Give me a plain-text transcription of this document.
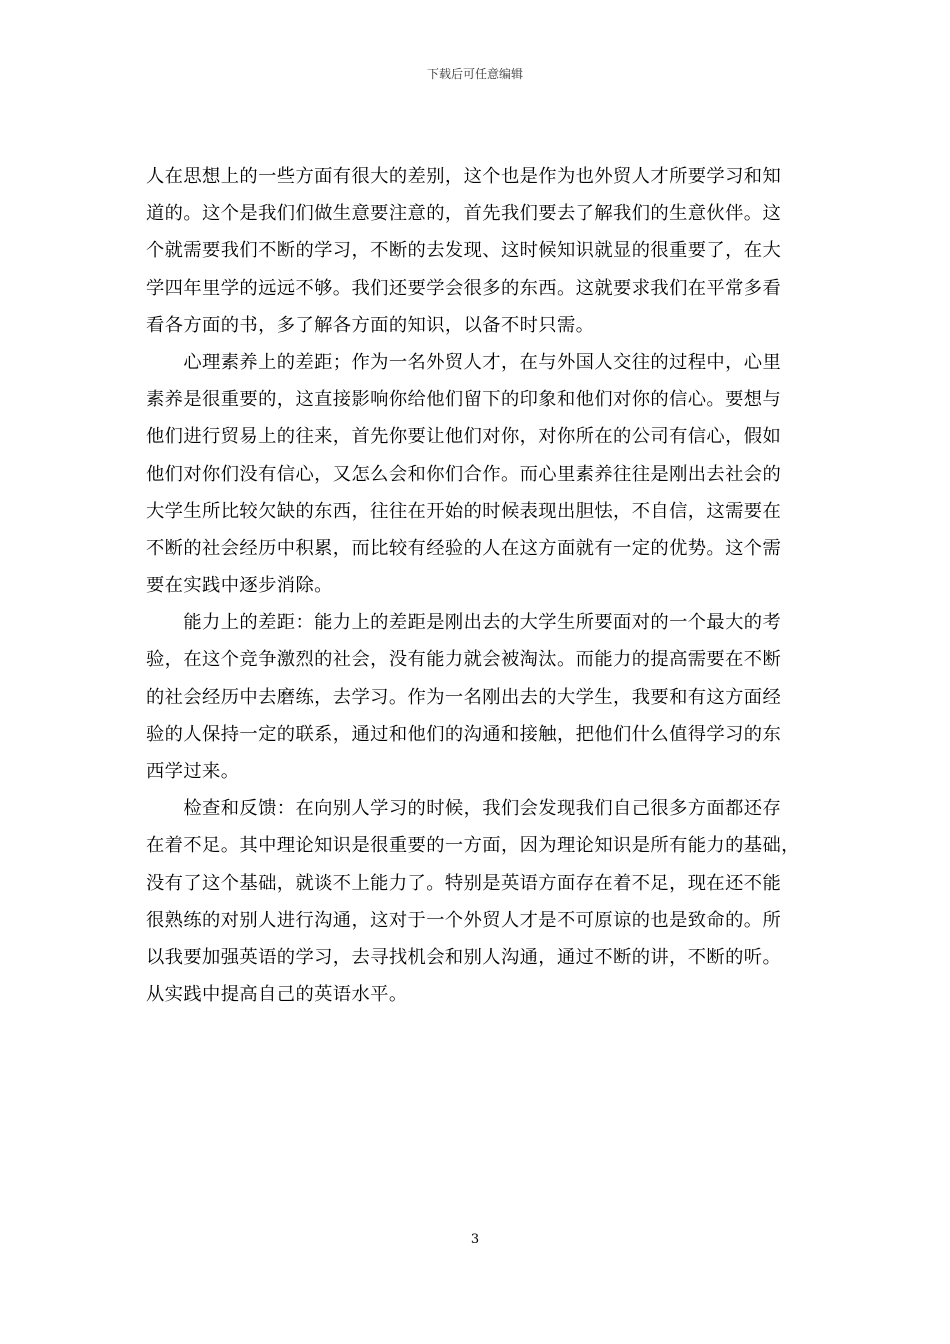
下载后可任意编辑
人在思想上的一些方面有很大的差别，这个也是作为也外贸人才所要学习和知
道的。这个是我们们做生意要注意的，首先我们要去了解我们的生意伙伴。这
个就需要我们不断的学习，不断的去发现、这时候知识就显的很重要了，在大
学四年里学的远远不够。我们还要学会很多的东西。这就要求我们在平常多看
看各方面的书，多了解各方面的知识，以备不时只需。
　　心理素养上的差距；作为一名外贸人才，在与外国人交往的过程中，心里
素养是很重要的，这直接影响你给他们留下的印象和他们对你的信心。要想与
他们进行贸易上的往来，首先你要让他们对你，对你所在的公司有信心，假如
他们对你们没有信心，又怎么会和你们合作。而心里素养往往是刚出去社会的
大学生所比较欠缺的东西，往往在开始的时候表现出胆怯，不自信，这需要在
不断的社会经历中积累，而比较有经验的人在这方面就有一定的优势。这个需
要在实践中逐步消除。
　　能力上的差距：能力上的差距是刚出去的大学生所要面对的一个最大的考
验，在这个竞争激烈的社会，没有能力就会被淘汰。而能力的提高需要在不断
的社会经历中去磨练，去学习。作为一名刚出去的大学生，我要和有这方面经
验的人保持一定的联系，通过和他们的沟通和接触，把他们什么值得学习的东
西学过来。
　　检查和反馈：在向别人学习的时候，我们会发现我们自己很多方面都还存
在着不足。其中理论知识是很重要的一方面，因为理论知识是所有能力的基础，
没有了这个基础，就谈不上能力了。特别是英语方面存在着不足，现在还不能
很熟练的对别人进行沟通，这对于一个外贸人才是不可原谅的也是致命的。所
以我要加强英语的学习，去寻找机会和别人沟通，通过不断的讲，不断的听。
从实践中提高自己的英语水平。
3
